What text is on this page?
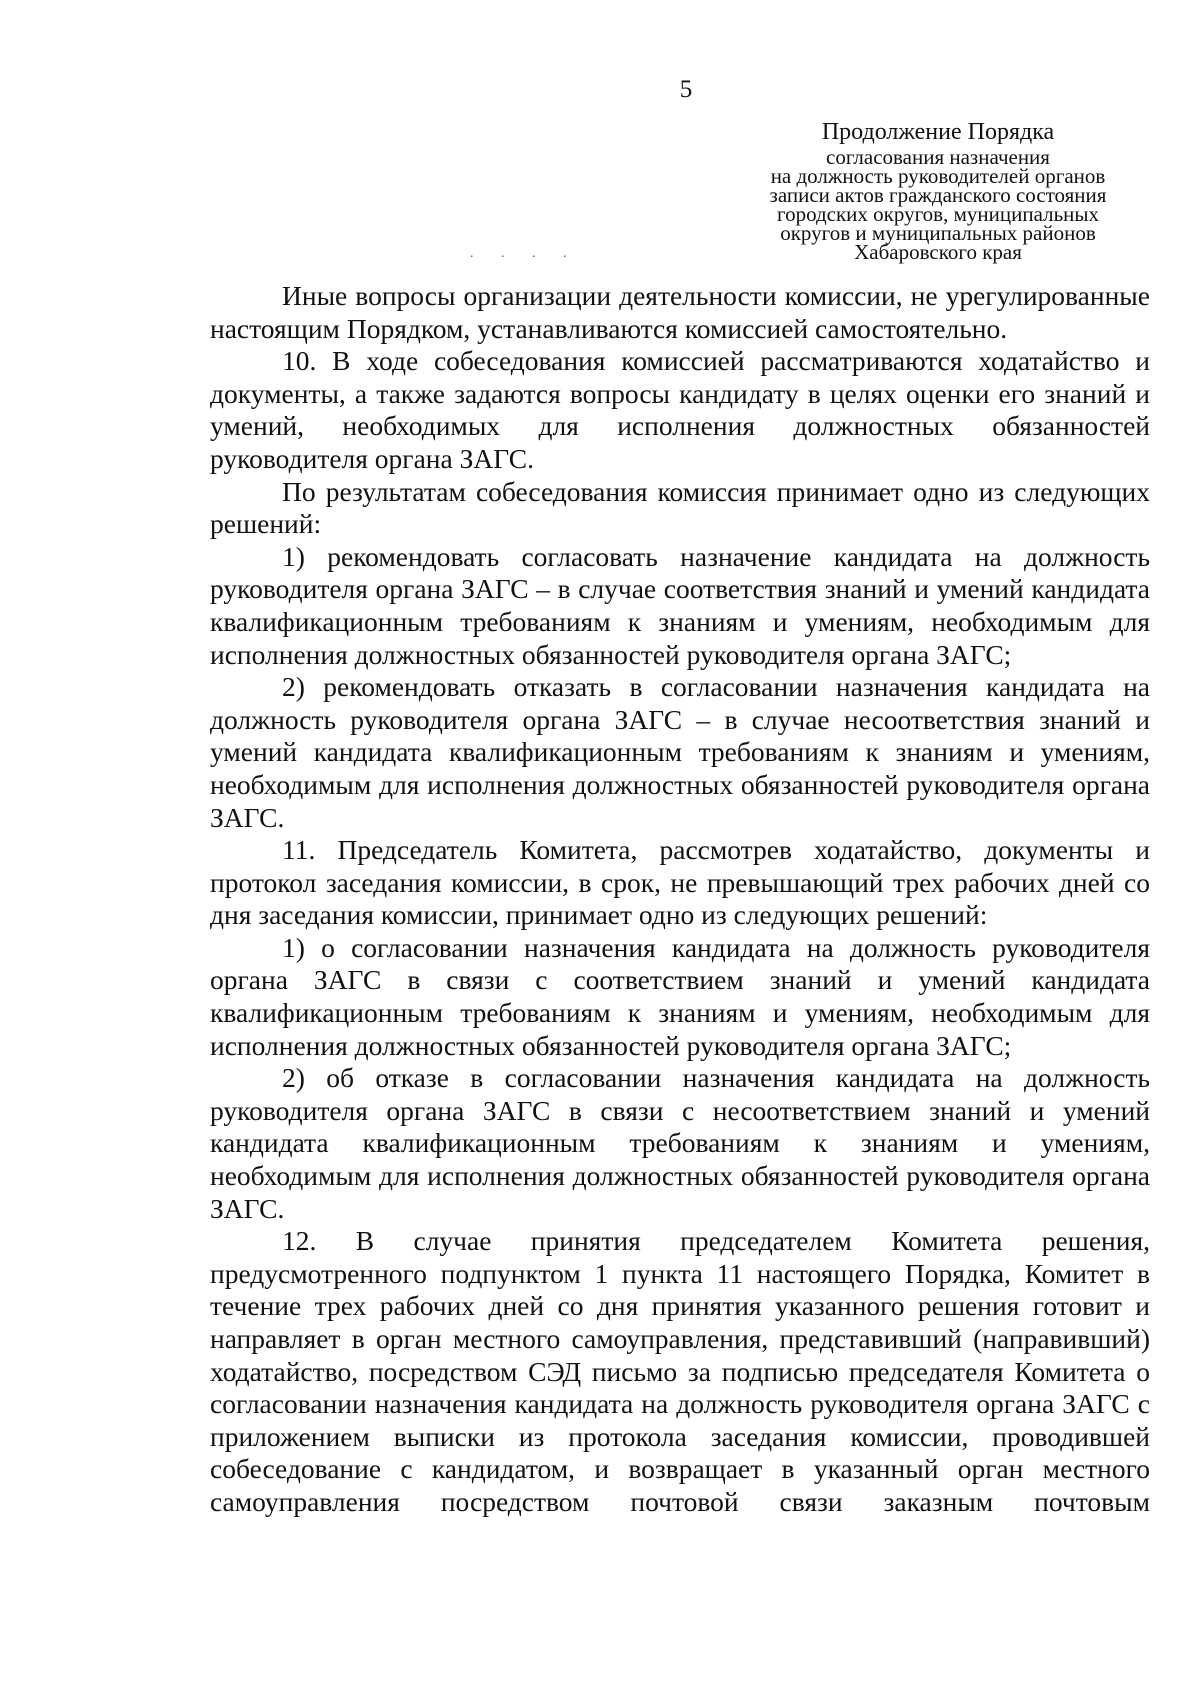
5
Продолжение Порядка
согласования назначения
на должность руководителей органов
записи актов гражданского состояния
городских округов, муниципальных
округов и муниципальных районов
Хабаровского края
. . . .

Иные вопросы организации деятельности комиссии, не урегулированные настоящим Порядком, устанавливаются комиссией самостоятельно.

10. В ходе собеседования комиссией рассматриваются ходатайство и документы, а также задаются вопросы кандидату в целях оценки его знаний и умений, необходимых для исполнения должностных обязанностей руководителя органа ЗАГС.

По результатам собеседования комиссия принимает одно из следующих решений:

1) рекомендовать согласовать назначение кандидата на должность руководителя органа ЗАГС – в случае соответствия знаний и умений кандидата квалификационным требованиям к знаниям и умениям, необходимым для исполнения должностных обязанностей руководителя органа ЗАГС;

2) рекомендовать отказать в согласовании назначения кандидата на должность руководителя органа ЗАГС – в случае несоответствия знаний и умений кандидата квалификационным требованиям к знаниям и умениям, необходимым для исполнения должностных обязанностей руководителя органа ЗАГС.

11. Председатель Комитета, рассмотрев ходатайство, документы и протокол заседания комиссии, в срок, не превышающий трех рабочих дней со дня заседания комиссии, принимает одно из следующих решений:

1) о согласовании назначения кандидата на должность руководителя органа ЗАГС в связи с соответствием знаний и умений кандидата квалификационным требованиям к знаниям и умениям, необходимым для исполнения должностных обязанностей руководителя органа ЗАГС;

2) об отказе в согласовании назначения кандидата на должность руководителя органа ЗАГС в связи с несоответствием знаний и умений кандидата квалификационным требованиям к знаниям и умениям, необходимым для исполнения должностных обязанностей руководителя органа ЗАГС.

12. В случае принятия председателем Комитета решения, предусмотренного подпунктом 1 пункта 11 настоящего Порядка, Комитет в течение трех рабочих дней со дня принятия указанного решения готовит и направляет в орган местного самоуправления, представивший (направивший) ходатайство, посредством СЭД письмо за подписью председателя Комитета о согласовании назначения кандидата на должность руководителя органа ЗАГС с приложением выписки из протокола заседания комиссии, проводившей собеседование с кандидатом, и возвращает в указанный орган местного самоуправления посредством почтовой связи заказным почтовым
